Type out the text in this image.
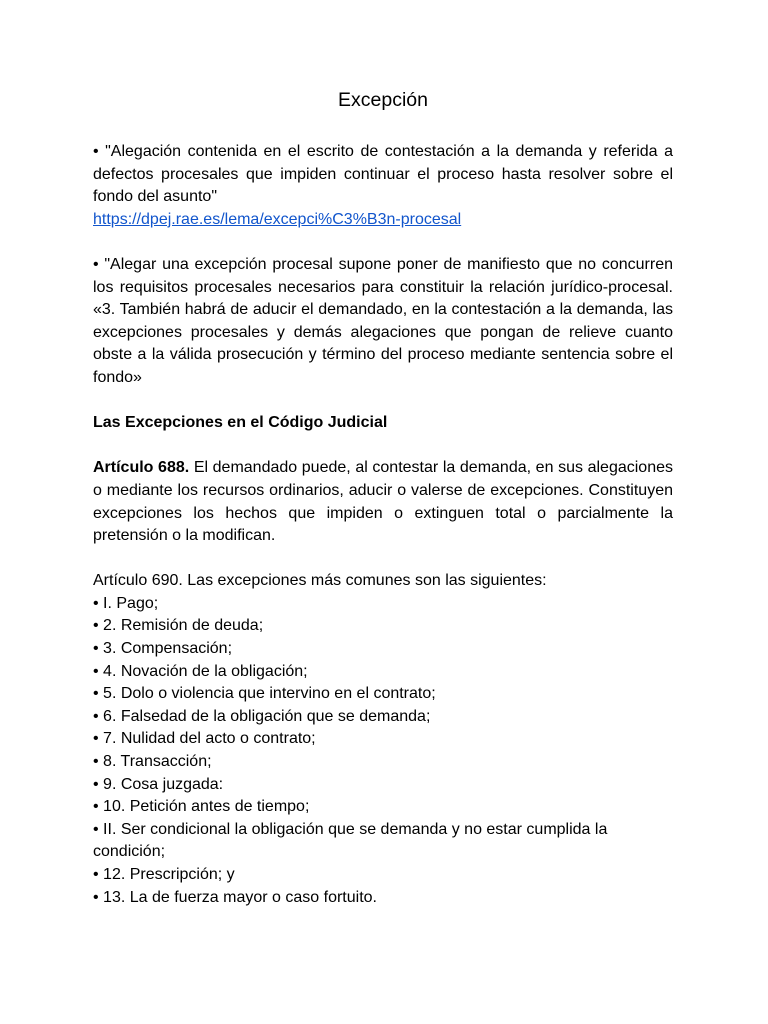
Excepción

• "Alegación contenida en el escrito de contestación a la demanda y referida a defectos procesales que impiden continuar el proceso hasta resolver sobre el fondo del asunto"
https://dpej.rae.es/lema/excepci%C3%B3n-procesal

• "Alegar una excepción procesal supone poner de manifiesto que no concurren los requisitos procesales necesarios para constituir la relación jurídico-procesal. «3. También habrá de aducir el demandado, en la contestación a la demanda, las excepciones procesales y demás alegaciones que pongan de relieve cuanto obste a la válida prosecución y término del proceso mediante sentencia sobre el fondo»

Las Excepciones en el Código Judicial

Artículo 688. El demandado puede, al contestar la demanda, en sus alegaciones o mediante los recursos ordinarios, aducir o valerse de excepciones. Constituyen excepciones los hechos que impiden o extinguen total o parcialmente la pretensión o la modifican.

Artículo 690. Las excepciones más comunes son las siguientes:

• I. Pago;
• 2. Remisión de deuda;
• 3. Compensación;
• 4. Novación de la obligación;
• 5. Dolo o violencia que intervino en el contrato;
• 6. Falsedad de la obligación que se demanda;
• 7. Nulidad del acto o contrato;
• 8. Transacción;
• 9. Cosa juzgada:
• 10. Petición antes de tiempo;
• II. Ser condicional la obligación que se demanda y no estar cumplida la condición;
• 12. Prescripción; y
• 13. La de fuerza mayor o caso fortuito.
